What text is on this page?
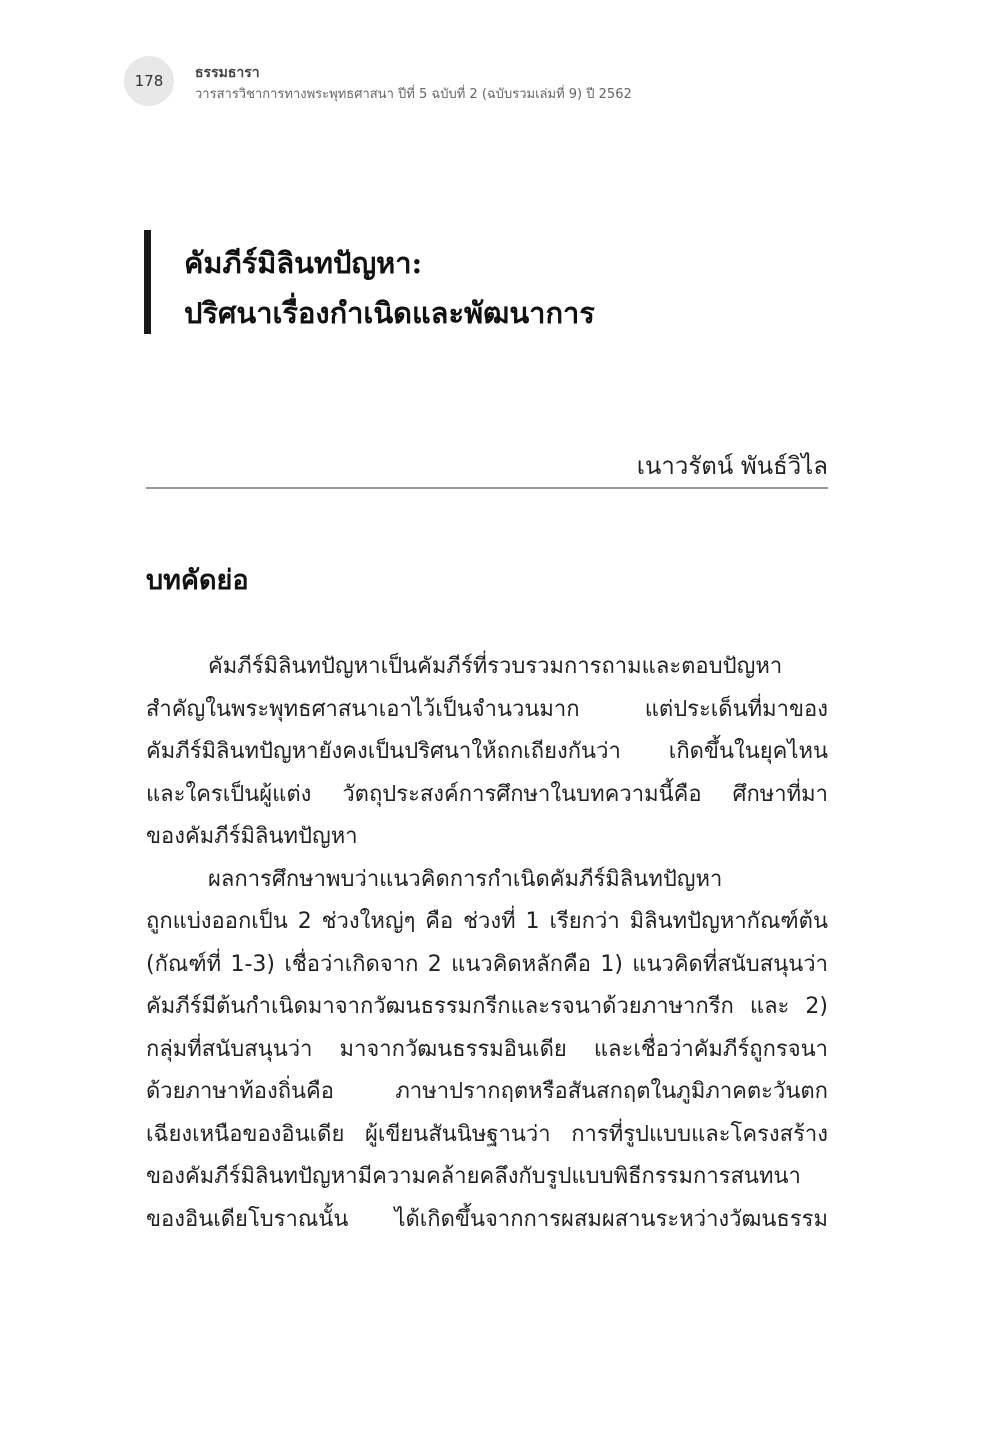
178 ธรรมธารา
วารสารวิชาการทางพระพุทธศาสนา ปีที่ 5 ฉบับที่ 2 (ฉบับรวมเล่มที่ 9) ปี 2562
คัมภีร์มิลินทปัญหา:
ปริศนาเรื่องกำเนิดและพัฒนาการ
เนาวรัตน์ พันธ์วิไล
บทคัดย่อ
คัมภีร์มิลินทปัญหาเป็นคัมภีร์ที่รวบรวมการถามและตอบปัญหา
สำคัญในพระพุทธศาสนาเอาไว้เป็นจำนวนมาก แต่ประเด็นที่มาของ
คัมภีร์มิลินทปัญหายังคงเป็นปริศนาให้ถกเถียงกันว่า เกิดขึ้นในยุคไหน
และใครเป็นผู้แต่ง วัตถุประสงค์การศึกษาในบทความนี้คือ ศึกษาที่มา
ของคัมภีร์มิลินทปัญหา
ผลการศึกษาพบว่าแนวคิดการกำเนิดคัมภีร์มิลินทปัญหา
ถูกแบ่งออกเป็น 2 ช่วงใหญ่ๆ คือ ช่วงที่ 1 เรียกว่า มิลินทปัญหากัณฑ์ต้น
(กัณฑ์ที่ 1-3) เชื่อว่าเกิดจาก 2 แนวคิดหลักคือ 1) แนวคิดที่สนับสนุนว่า
คัมภีร์มีต้นกำเนิดมาจากวัฒนธรรมกรีกและรจนาด้วยภาษากรีก และ 2)
กลุ่มที่สนับสนุนว่า มาจากวัฒนธรรมอินเดีย และเชื่อว่าคัมภีร์ถูกรจนา
ด้วยภาษาท้องถิ่นคือ ภาษาปรากฤตหรือสันสกฤตในภูมิภาคตะวันตก
เฉียงเหนือของอินเดีย ผู้เขียนสันนิษฐานว่า การที่รูปแบบและโครงสร้าง
ของคัมภีร์มิลินทปัญหามีความคล้ายคลึงกับรูปแบบพิธีกรรมการสนทนา
ของอินเดียโบราณนั้น ได้เกิดขึ้นจากการผสมผสานระหว่างวัฒนธรรม
